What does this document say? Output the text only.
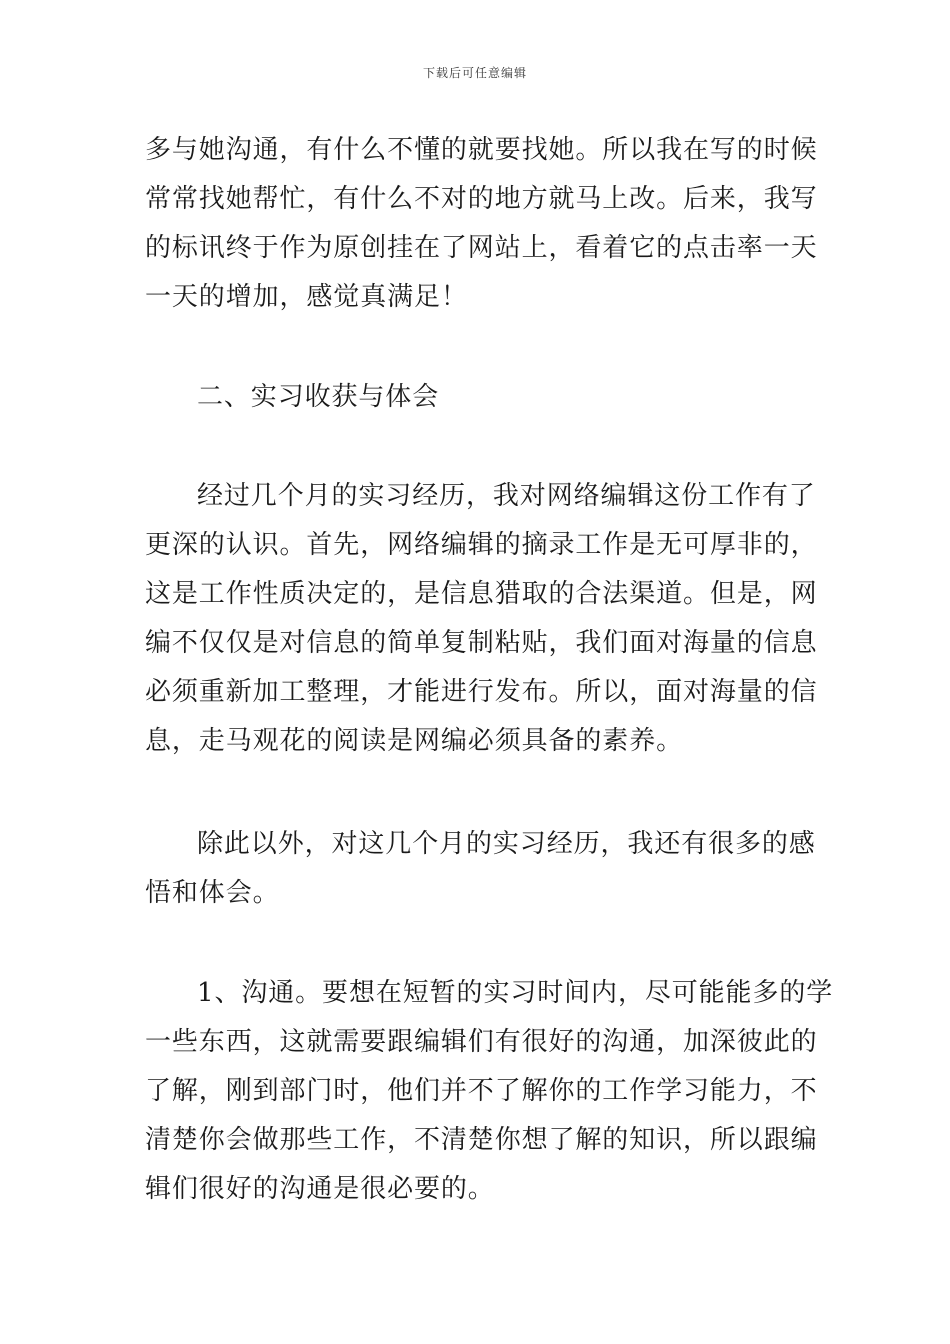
下载后可任意编辑
多与她沟通，有什么不懂的就要找她。所以我在写的时候
常常找她帮忙，有什么不对的地方就马上改。后来，我写
的标讯终于作为原创挂在了网站上，看着它的点击率一天
一天的增加，感觉真满足！
二、实习收获与体会
经过几个月的实习经历，我对网络编辑这份工作有了
更深的认识。首先，网络编辑的摘录工作是无可厚非的，
这是工作性质决定的，是信息猎取的合法渠道。但是，网
编不仅仅是对信息的简单复制粘贴，我们面对海量的信息
必须重新加工整理，才能进行发布。所以，面对海量的信
息，走马观花的阅读是网编必须具备的素养。
除此以外，对这几个月的实习经历，我还有很多的感
悟和体会。
1、沟通。要想在短暂的实习时间内，尽可能能多的学
一些东西，这就需要跟编辑们有很好的沟通，加深彼此的
了解，刚到部门时，他们并不了解你的工作学习能力，不
清楚你会做那些工作，不清楚你想了解的知识，所以跟编
辑们很好的沟通是很必要的。
